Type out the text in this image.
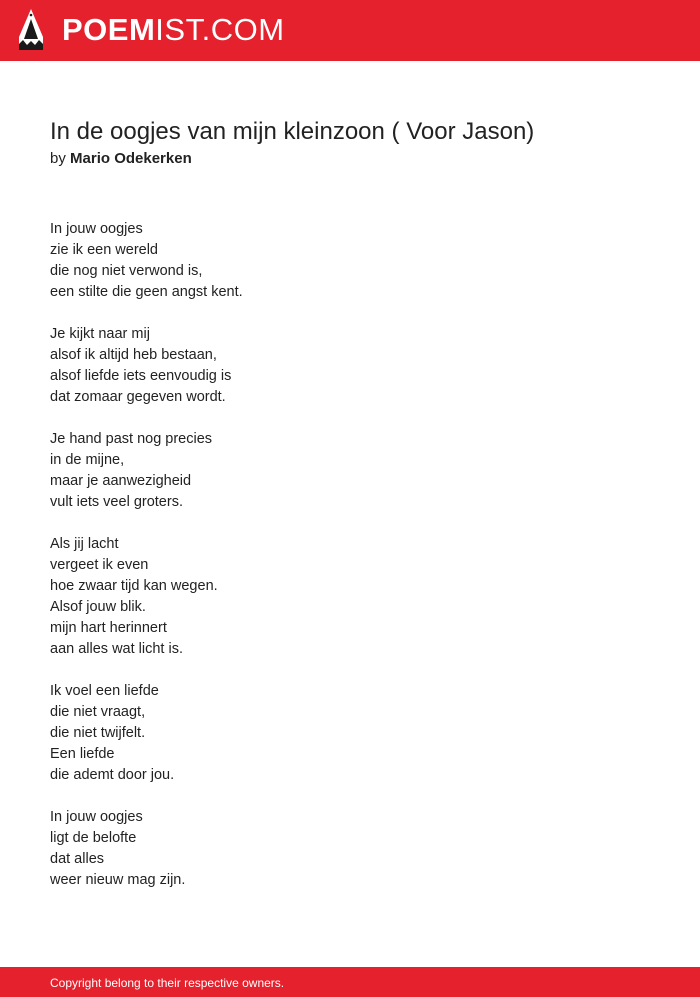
POEMIST.COM
In de oogjes van mijn kleinzoon ( Voor Jason)
by Mario Odekerken
In jouw oogjes
zie ik een wereld
die nog niet verwond is,
een stilte die geen angst kent.
Je kijkt naar mij
alsof ik altijd heb bestaan,
alsof liefde iets eenvoudig is
dat zomaar gegeven wordt.
Je hand past nog precies
in de mijne,
maar je aanwezigheid
vult iets veel groters.
Als jij lacht
vergeet ik even
hoe zwaar tijd kan wegen.
Alsof jouw blik.
mijn hart herinnert
aan alles wat licht is.
Ik voel een liefde
die niet vraagt,
die niet twijfelt.
Een liefde
die ademt door jou.
In jouw oogjes
ligt de belofte
dat alles
weer nieuw mag zijn.
Copyright belong to their respective owners.
